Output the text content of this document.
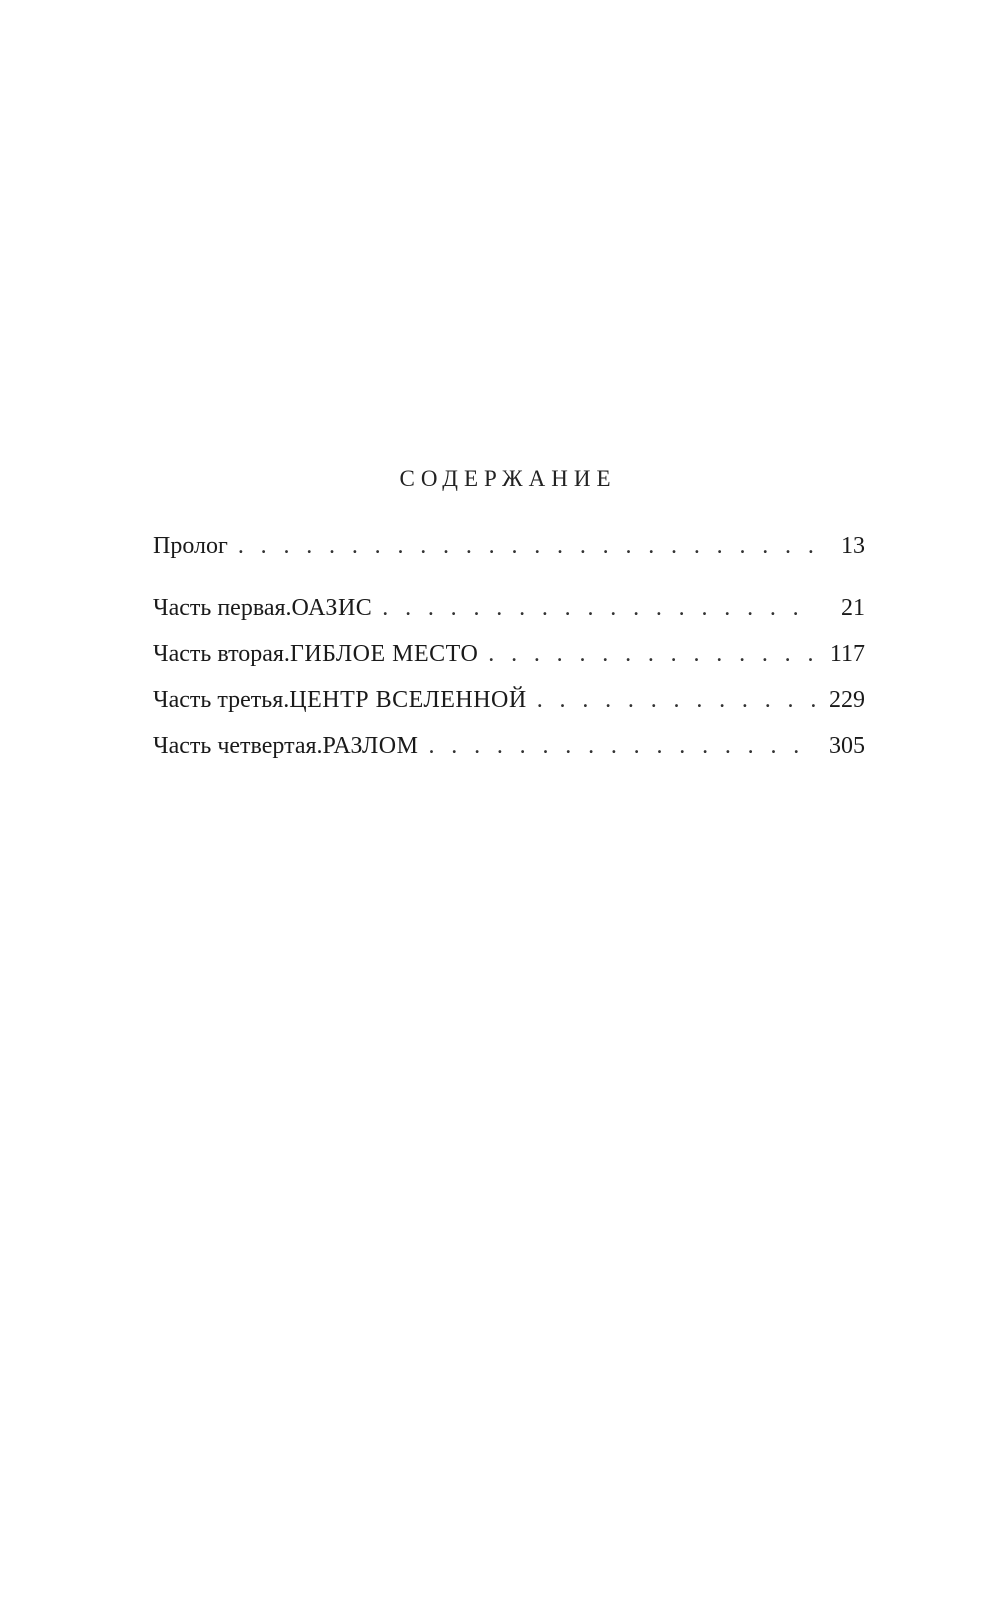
СОДЕРЖАНИЕ
Пролог . . .	13
Часть первая. ОАЗИС . . .	21
Часть вторая. ГИБЛОЕ МЕСТО . . .	117
Часть третья. ЦЕНТР ВСЕЛЕННОЙ . . .	229
Часть четвертая. РАЗЛОМ . . .	305
